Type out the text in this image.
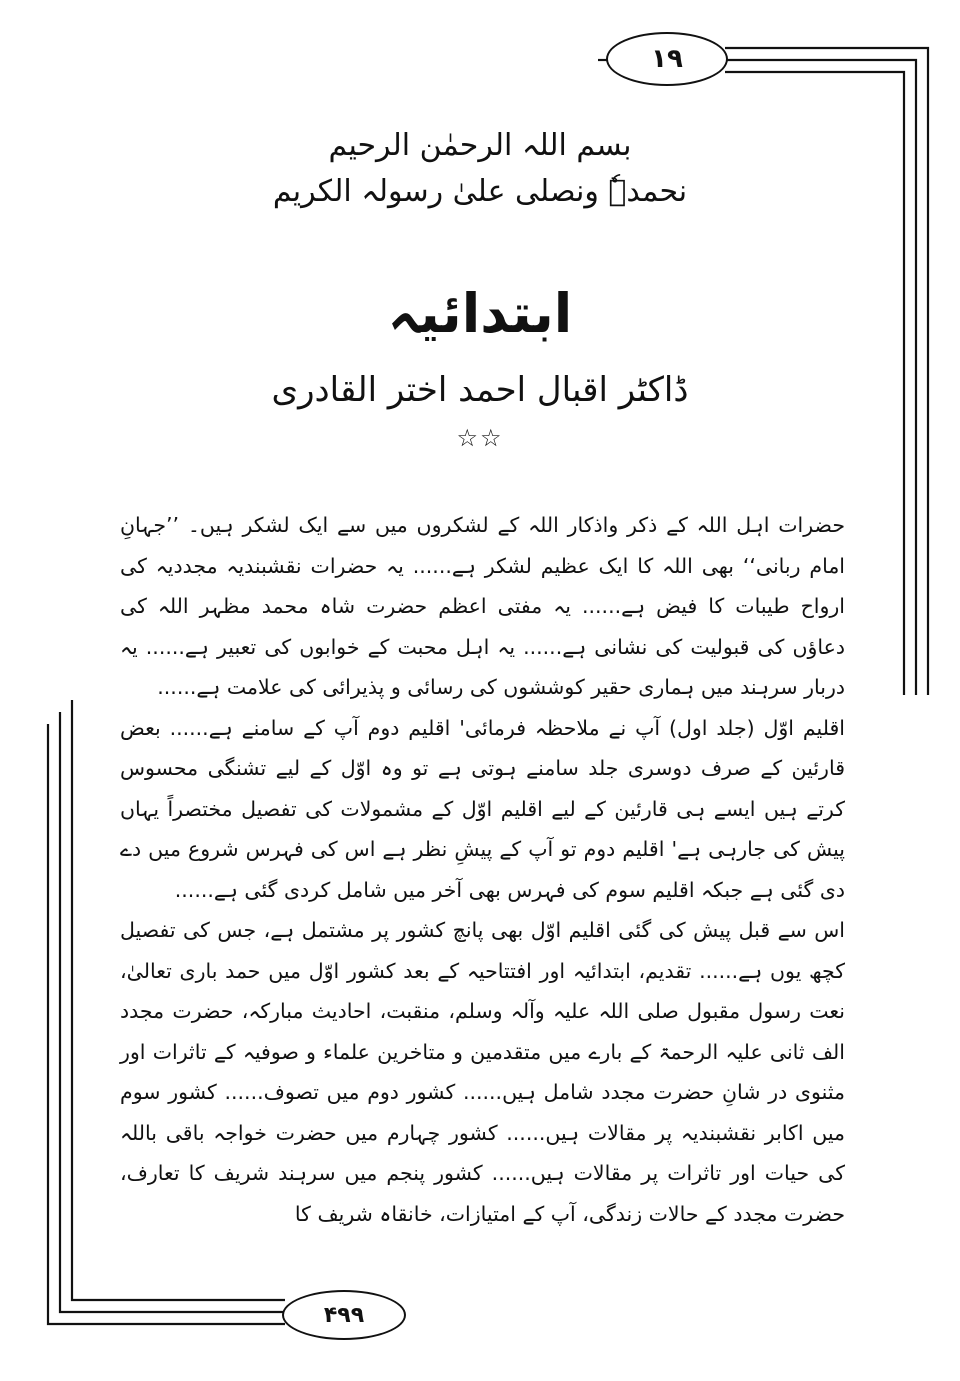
١٩
۴۹۹
بسم اللہ الرحمٰن الرحیم
نحمدہٗ ونصلی علیٰ رسولہ الکریم
ابتدائیہ
ڈاکٹر اقبال احمد اختر القادری
☆☆

حضرات اہل اللہ کے ذکر واذکار اللہ کے لشکروں میں سے ایک لشکر ہیں۔ ’’جہانِ امام ربانی‘‘ بھی اللہ کا ایک عظیم لشکر ہے...... یہ حضرات نقشبندیہ مجددیہ کی ارواح طیبات کا فیض ہے...... یہ مفتی اعظم حضرت شاہ محمد مظہر اللہ کی دعاؤں کی قبولیت کی نشانی ہے...... یہ اہل محبت کے خوابوں کی تعبیر ہے...... یہ دربار سرہند میں ہماری حقیر کوششوں کی رسائی و پذیرائی کی علامت ہے......

اقلیم اوّل (جلد اول) آپ نے ملاحظہ فرمائی' اقلیم دوم آپ کے سامنے ہے...... بعض قارئین کے صرف دوسری جلد سامنے ہوتی ہے تو وہ اوّل کے لیے تشنگی محسوس کرتے ہیں ایسے ہی قارئین کے لیے اقلیم اوّل کے مشمولات کی تفصیل مختصراً یہاں پیش کی جارہی ہے' اقلیم دوم تو آپ کے پیشِ نظر ہے اس کی فہرس شروع میں دے دی گئی ہے جبکہ اقلیم سوم کی فہرس بھی آخر میں شامل کردی گئی ہے......

اس سے قبل پیش کی گئی اقلیم اوّل بھی پانچ کشور پر مشتمل ہے، جس کی تفصیل کچھ یوں ہے...... تقدیم، ابتدائیہ اور افتتاحیہ کے بعد کشور اوّل میں حمد باری تعالیٰ، نعت رسول مقبول صلی اللہ علیہ وآلہ وسلم، منقبت، احادیث مبارکہ، حضرت مجدد الف ثانی علیہ الرحمۃ کے بارے میں متقدمین و متاخرین علماء و صوفیہ کے تاثرات اور مثنوی در شانِ حضرت مجدد شامل ہیں...... کشور دوم میں تصوف...... کشور سوم میں اکابر نقشبندیہ پر مقالات ہیں...... کشور چہارم میں حضرت خواجہ باقی باللہ کی حیات اور تاثرات پر مقالات ہیں...... کشور پنجم میں سرہند شریف کا تعارف، حضرت مجدد کے حالات زندگی، آپ کے امتیازات، خانقاہ شریف کا
